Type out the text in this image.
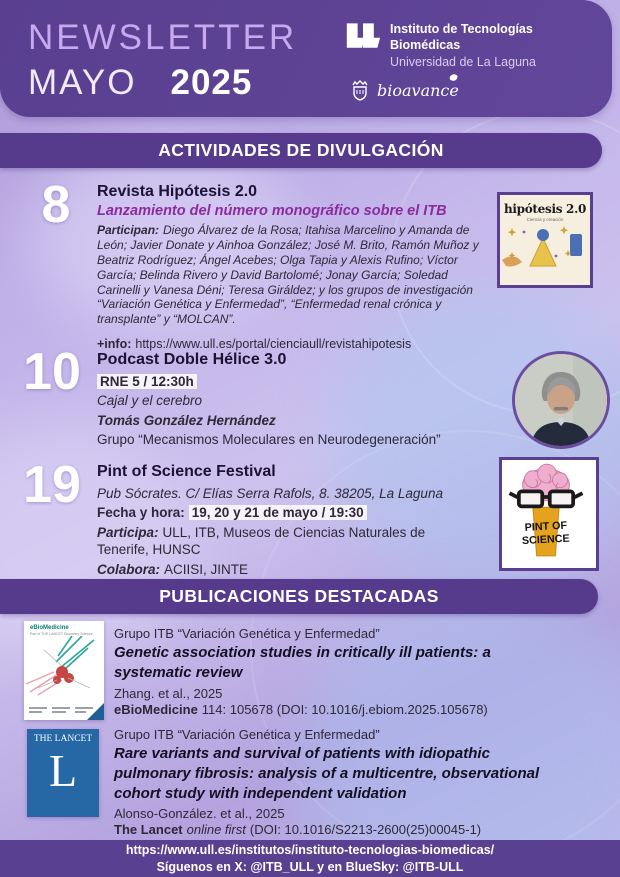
NEWSLETTER
MAYO 2025
Instituto de Tecnologías
Biomédicas
Universidad de La Laguna
bioavance
ACTIVIDADES DE DIVULGACIÓN
8	Revista Hipótesis 2.0
Lanzamiento del número monográfico sobre el ITB
Participan: Diego Álvarez de la Rosa; Itahisa Marcelino y Amanda de León; Javier Donate y Ainhoa González; José M. Brito, Ramón Muñoz y Beatriz Rodríguez; Ángel Acebes; Olga Tapia y Alexis Rufino; Víctor García; Belinda Rivero y David Bartolomé; Jonay García; Soledad Carinelli y Vanesa Déni; Teresa Giráldez; y los grupos de investigación “Variación Genética y Enfermedad”, “Enfermedad renal crónica y transplante” y “MOLCAN”.
+info: https://www.ull.es/portal/cienciaull/revistahipotesis
hipótesis 2.0
Ciencia y creación
10	Podcast Doble Hélice 3.0
RNE 5 / 12:30h
Cajal y el cerebro
Tomás González Hernández
Grupo “Mecanismos Moleculares en Neurodegeneración”
19	Pint of Science Festival
Pub Sócrates. C/ Elías Serra Rafols, 8. 38205, La Laguna
Fecha y hora: 19, 20 y 21 de mayo / 19:30
Participa: ULL, ITB, Museos de Ciencias Naturales de Tenerife, HUNSC
Colabora: ACIISI, JINTE
PINT OF
SCIENCE
PUBLICACIONES DESTACADAS
eBioMedicine
Part of THE LANCET Discovery Science	Grupo ITB “Variación Genética y Enfermedad”
Genetic association studies in critically ill patients: a systematic review
Zhang. et al., 2025
eBioMedicine 114: 105678 (DOI: 10.1016/j.ebiom.2025.105678)
THE LANCET
L
Grupo ITB “Variación Genética y Enfermedad”
Rare variants and survival of patients with idiopathic pulmonary fibrosis: analysis of a multicentre, observational cohort study with independent validation
Alonso-González. et al., 2025
The Lancet online first (DOI: 10.1016/S2213-2600(25)00045-1)
https://www.ull.es/institutos/instituto-tecnologias-biomedicas/
Síguenos en X: @ITB_ULL y en BlueSky: @ITB-ULL
